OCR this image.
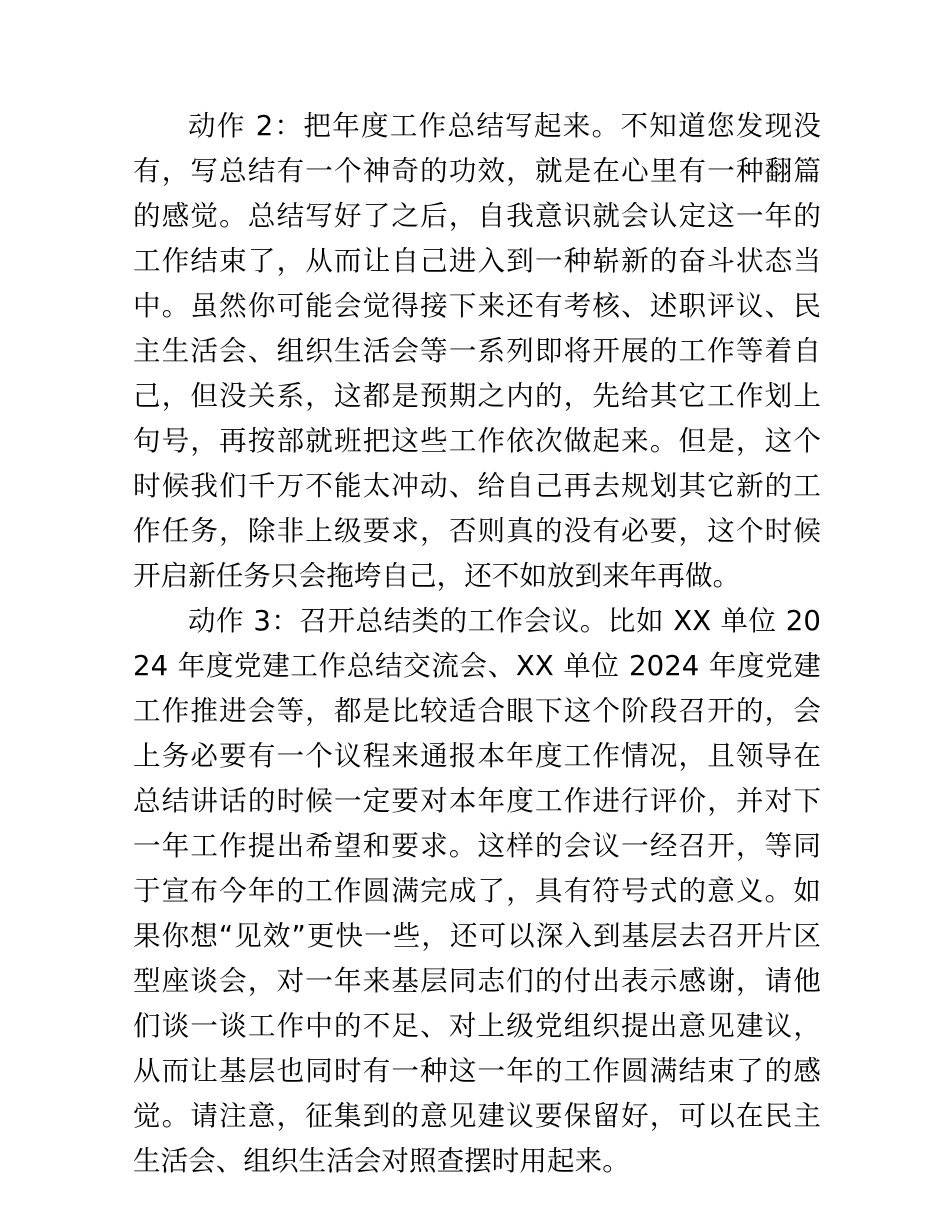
动作 2：把年度工作总结写起来。不知道您发现没有，写总结有一个神奇的功效，就是在心里有一种翻篇的感觉。总结写好了之后，自我意识就会认定这一年的工作结束了，从而让自己进入到一种崭新的奋斗状态当中。虽然你可能会觉得接下来还有考核、述职评议、民主生活会、组织生活会等一系列即将开展的工作等着自己，但没关系，这都是预期之内的，先给其它工作划上句号，再按部就班把这些工作依次做起来。但是，这个时候我们千万不能太冲动、给自己再去规划其它新的工作任务，除非上级要求，否则真的没有必要，这个时候开启新任务只会拖垮自己，还不如放到来年再做。

动作 3：召开总结类的工作会议。比如 XX 单位 2024 年度党建工作总结交流会、XX 单位 2024 年度党建工作推进会等，都是比较适合眼下这个阶段召开的，会上务必要有一个议程来通报本年度工作情况，且领导在总结讲话的时候一定要对本年度工作进行评价，并对下一年工作提出希望和要求。这样的会议一经召开，等同于宣布今年的工作圆满完成了，具有符号式的意义。如果你想“见效”更快一些，还可以深入到基层去召开片区型座谈会，对一年来基层同志们的付出表示感谢，请他们谈一谈工作中的不足、对上级党组织提出意见建议，从而让基层也同时有一种这一年的工作圆满结束了的感觉。请注意，征集到的意见建议要保留好，可以在民主生活会、组织生活会对照查摆时用起来。
